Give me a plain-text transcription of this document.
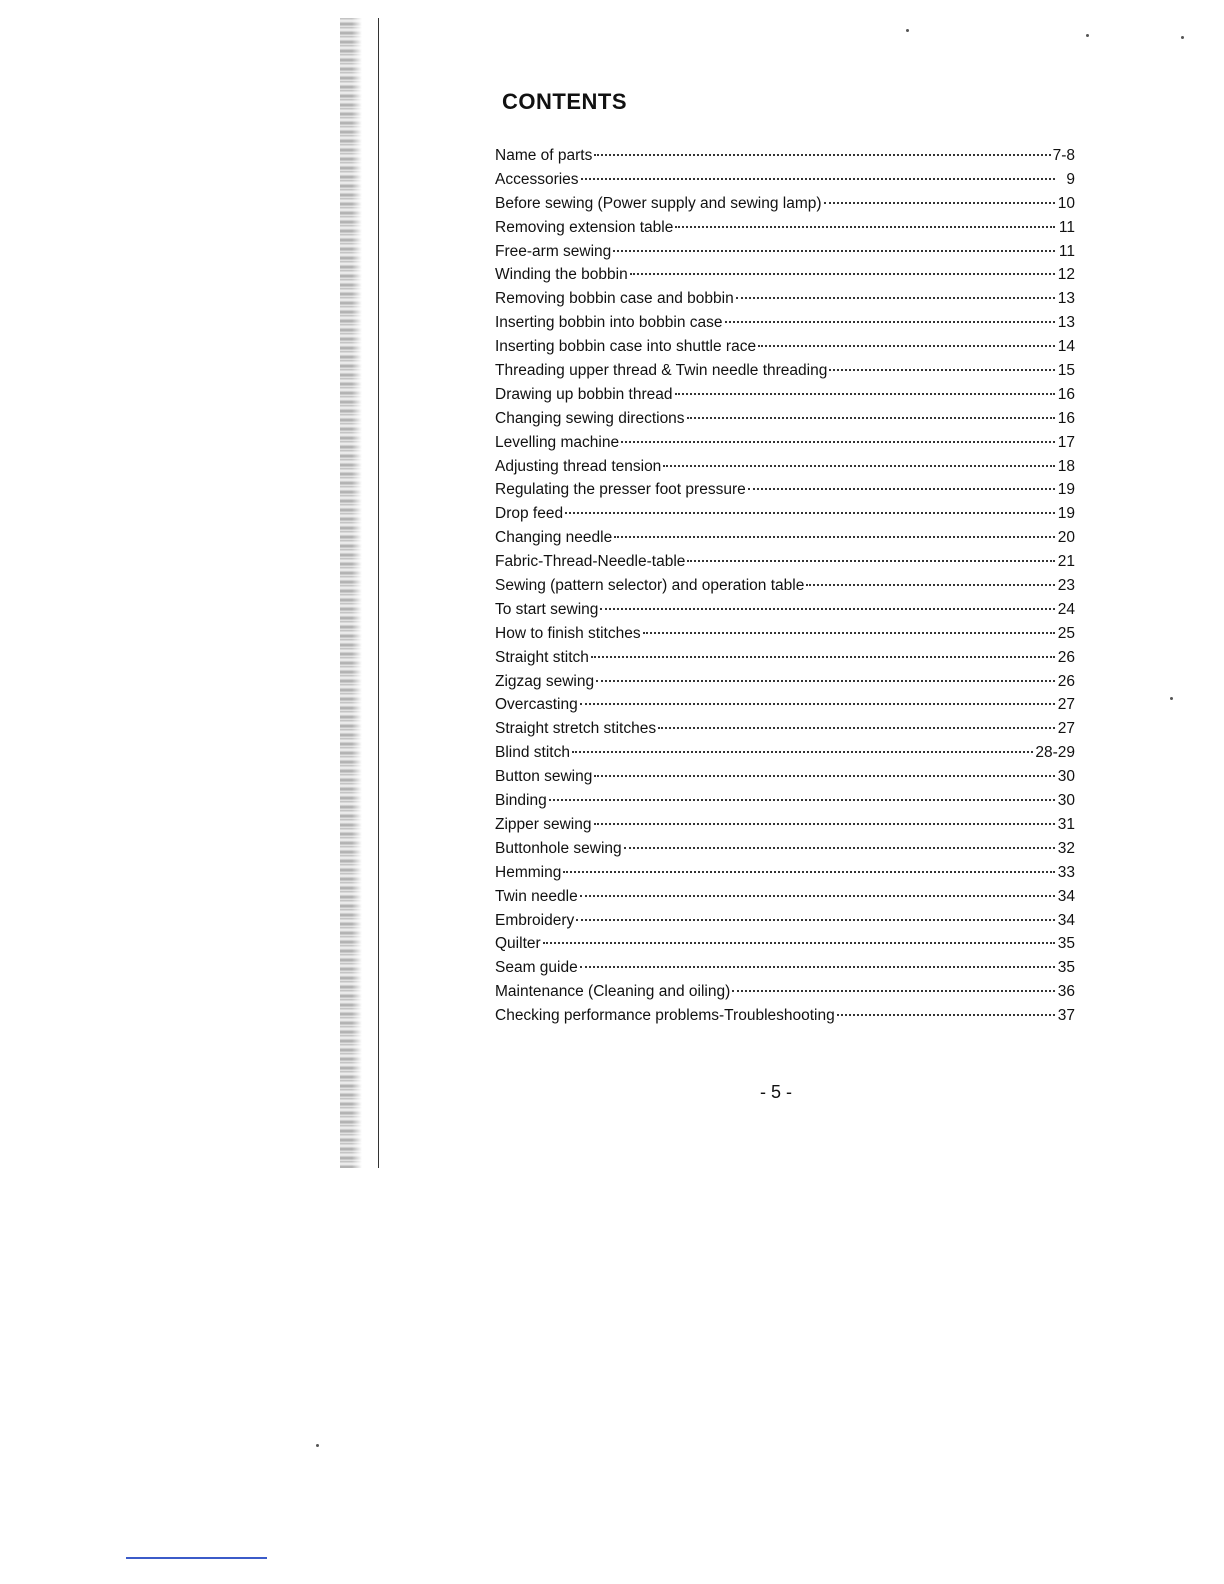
CONTENTS
Name of parts	7-8
Accessories	9
Before sewing (Power supply and sewing lamp)	10
Removing extension table	11
Free-arm sewing	11
Winding the bobbin	12
Removing bobbin case and bobbin	13
Inserting bobbin into bobbin case	13
Inserting bobbin case into shuttle race	14
Threading upper thread & Twin needle threading	15
Drawing up bobbin thread	16
Changing sewing directions	16
Levelling machine	17
Adjusting thread tension	18
Regulating the presser foot pressure	19
Drop feed	19
Changing needle	20
Fabric-Thread-Needle-table	21
Sewing (pattern selector) and operation table	23
To start sewing	24
How to finish stitches	25
Straight stitch	26
Zigzag sewing	26
Overcasting	27
Straight stretch stitches	27
Blind stitch	28-29
Button sewing	30
Binding	30
Zipper sewing	31
Buttonhole sewing	32
Hemming	33
Twin needle	34
Embroidery	34
Quilter	35
Seam guide	35
Maintenance (Cleaning and oiling)	36
Checking performance problems-Troubleshooting	37
- 5 -
